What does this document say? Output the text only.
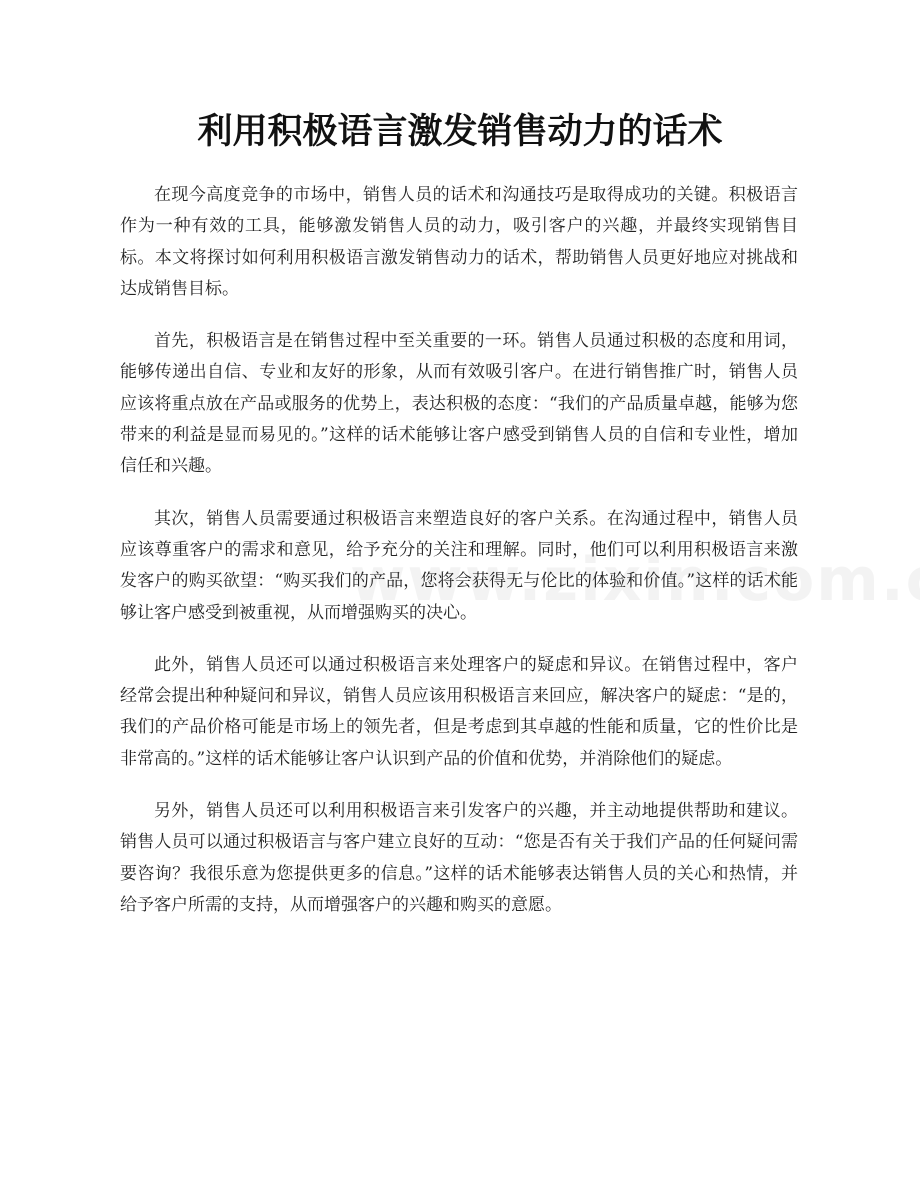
利用积极语言激发销售动力的话术

在现今高度竞争的市场中，销售人员的话术和沟通技巧是取得成功的关键。积极语言作为一种有效的工具，能够激发销售人员的动力，吸引客户的兴趣，并最终实现销售目标。本文将探讨如何利用积极语言激发销售动力的话术，帮助销售人员更好地应对挑战和达成销售目标。

首先，积极语言是在销售过程中至关重要的一环。销售人员通过积极的态度和用词，能够传递出自信、专业和友好的形象，从而有效吸引客户。在进行销售推广时，销售人员应该将重点放在产品或服务的优势上，表达积极的态度：“我们的产品质量卓越，能够为您带来的利益是显而易见的。”这样的话术能够让客户感受到销售人员的自信和专业性，增加信任和兴趣。

其次，销售人员需要通过积极语言来塑造良好的客户关系。在沟通过程中，销售人员应该尊重客户的需求和意见，给予充分的关注和理解。同时，他们可以利用积极语言来激发客户的购买欲望：“购买我们的产品，您将会获得无与伦比的体验和价值。”这样的话术能够让客户感受到被重视，从而增强购买的决心。

此外，销售人员还可以通过积极语言来处理客户的疑虑和异议。在销售过程中，客户经常会提出种种疑问和异议，销售人员应该用积极语言来回应，解决客户的疑虑：“是的，我们的产品价格可能是市场上的领先者，但是考虑到其卓越的性能和质量，它的性价比是非常高的。”这样的话术能够让客户认识到产品的价值和优势，并消除他们的疑虑。

另外，销售人员还可以利用积极语言来引发客户的兴趣，并主动地提供帮助和建议。销售人员可以通过积极语言与客户建立良好的互动：“您是否有关于我们产品的任何疑问需要咨询？我很乐意为您提供更多的信息。”这样的话术能够表达销售人员的关心和热情，并给予客户所需的支持，从而增强客户的兴趣和购买的意愿。
